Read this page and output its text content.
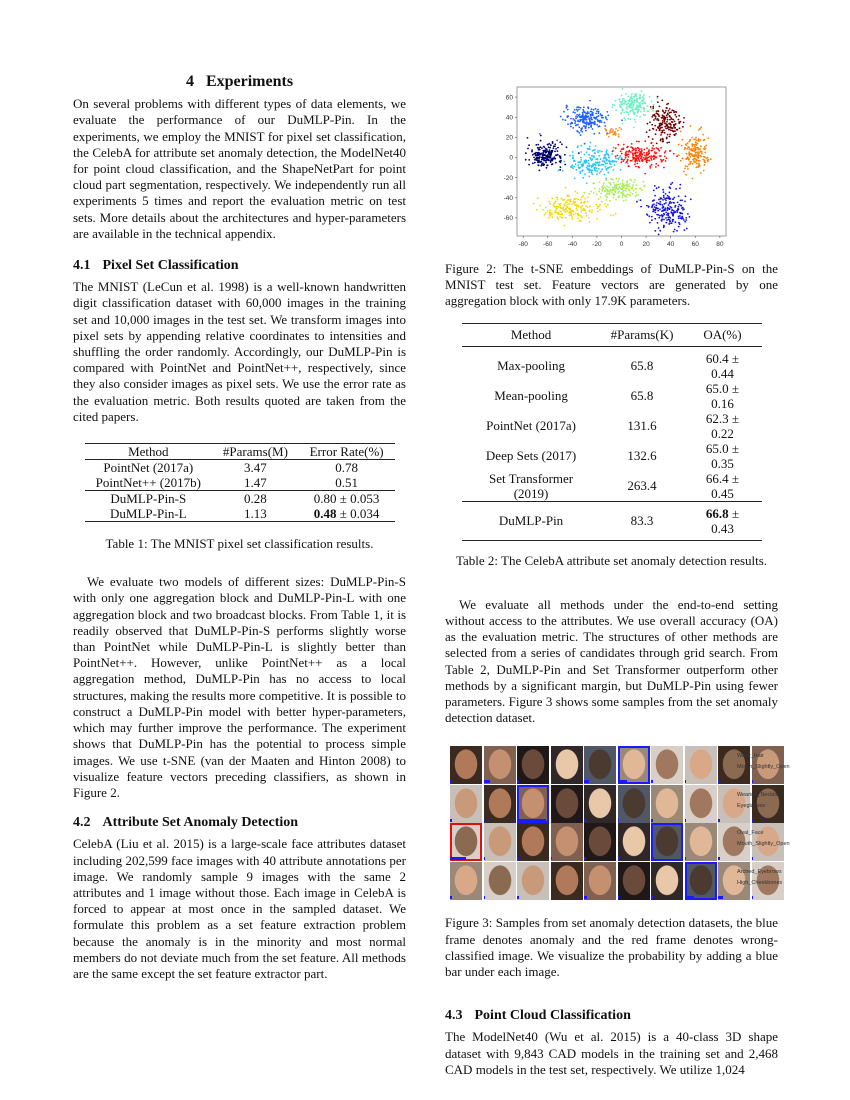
4 Experiments

On several problems with different types of data elements, we evaluate the performance of our DuMLP-Pin. In the experiments, we employ the MNIST for pixel set classification, the CelebA for attribute set anomaly detection, the ModelNet40 for point cloud classification, and the ShapeNetPart for point cloud part segmentation, respectively. We independently run all experiments 5 times and report the evaluation metric on test sets. More details about the architectures and hyper-parameters are available in the technical appendix.

4.1 Pixel Set Classification

The MNIST (LeCun et al. 1998) is a well-known handwritten digit classification dataset with 60,000 images in the training set and 10,000 images in the test set. We transform images into pixel sets by appending relative coordinates to intensities and shuffling the order randomly. Accordingly, our DuMLP-Pin is compared with PointNet and PointNet++, respectively, since they also consider images as pixel sets. We use the error rate as the evaluation metric. Both results quoted are taken from the cited papers.

Method	#Params(M)	Error Rate(%)
PointNet (2017a)	3.47	0.78
PointNet++ (2017b)	1.47	0.51
DuMLP-Pin-S	0.28	0.80 ± 0.053
DuMLP-Pin-L	1.13	0.48 ± 0.034
Table 1: The MNIST pixel set classification results.

We evaluate two models of different sizes: DuMLP-Pin-S with only one aggregation block and DuMLP-Pin-L with one aggregation block and two broadcast blocks. From Table 1, it is readily observed that DuMLP-Pin-S performs slightly worse than PointNet while DuMLP-Pin-L is slightly better than PointNet++. However, unlike PointNet++ as a local aggregation method, DuMLP-Pin has no access to local structures, making the results more competitive. It is possible to construct a DuMLP-Pin model with better hyper-parameters, which may further improve the performance. The experiment shows that DuMLP-Pin has the potential to process simple images. We use t-SNE (van der Maaten and Hinton 2008) to visualize feature vectors preceding classifiers, as shown in Figure 2.

4.2 Attribute Set Anomaly Detection

CelebA (Liu et al. 2015) is a large-scale face attributes dataset including 202,599 face images with 40 attribute annotations per image. We randomly sample 9 images with the same 2 attributes and 1 image without those. Each image in CelebA is forced to appear at most once in the sampled dataset. We formulate this problem as a set feature extraction problem because the anomaly is in the minority and most normal members do not deviate much from the set feature. All methods are the same except the set feature extractor part.

-80 -60 -40 -20	0	20	40	60	80
60
40
20
0
-20
-40
-60

Figure 2: The t-SNE embeddings of DuMLP-Pin-S on the MNIST test set. Feature vectors are generated by one aggregation block with only 17.9K parameters.

Method	#Params(K)	OA(%)
Max-pooling	65.8	60.4 ± 0.44
Mean-pooling	65.8	65.0 ± 0.16
PointNet (2017a)	131.6	62.3 ± 0.22
Deep Sets (2017)	132.6	65.0 ± 0.35
Set Transformer (2019)	263.4	66.4 ± 0.45
DuMLP-Pin	83.3	66.8 ± 0.43
Table 2: The CelebA attribute set anomaly detection results.

We evaluate all methods under the end-to-end setting without access to the attributes. We use overall accuracy (OA) as the evaluation metric. The structures of other methods are selected from a series of candidates through grid search. From Table 2, DuMLP-Pin and Set Transformer outperform other methods by a significant margin, but DuMLP-Pin using fewer parameters. Figure 3 shows some samples from the set anomaly detection dataset.

Wavy_Hair
Mouth_Slightly_Open
Wearing_Necktie
Eyeglasses
Oval_Face
Mouth_Slightly_Open
Arched_Eyebrows
High_Cheekbones

Figure 3: Samples from set anomaly detection datasets, the blue frame denotes anomaly and the red frame denotes wrong-classified image. We visualize the probability by adding a blue bar under each image.

4.3 Point Cloud Classification

The ModelNet40 (Wu et al. 2015) is a 40-class 3D shape dataset with 9,843 CAD models in the training set and 2,468 CAD models in the test set, respectively. We utilize 1,024
